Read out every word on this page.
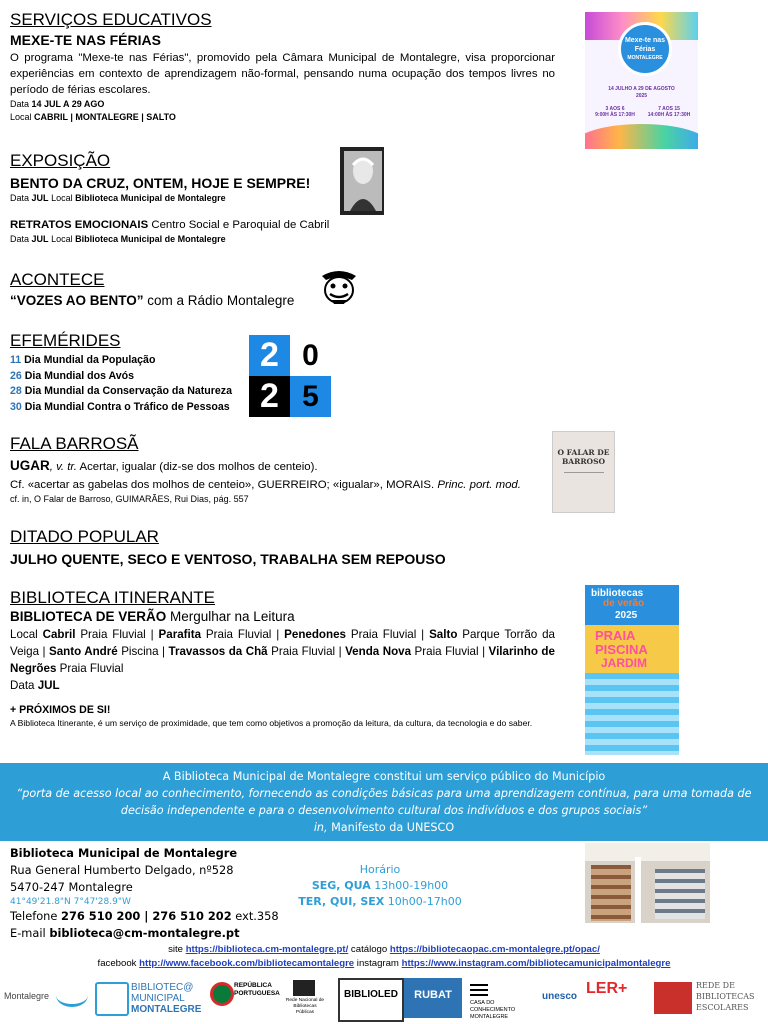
SERVIÇOS EDUCATIVOS
MEXE-TE NAS FÉRIAS
O programa "Mexe-te nas Férias", promovido pela Câmara Municipal de Montalegre, visa proporcionar experiências em contexto de aprendizagem não-formal, pensando numa ocupação dos tempos livres no período de férias escolares.
Data 14 JUL A 29 AGO
Local CABRIL | MONTALEGRE | SALTO
Mexe-te nas Férias
MONTALEGRE
14 JULHO A 29 DE AGOSTO
2025
3 AOS 6
9:00H ÀS 17:30H
7 AOS 15
14:00H ÀS 17:30H
EXPOSIÇÃO
BENTO DA CRUZ, ONTEM, HOJE E SEMPRE!
Data JUL Local Biblioteca Municipal de Montalegre
RETRATOS EMOCIONAIS Centro Social e Paroquial de Cabril
Data JUL Local Biblioteca Municipal de Montalegre
ACONTECE
“VOZES AO BENTO” com a Rádio Montalegre
EFEMÉRIDES
11 Dia Mundial da População
26 Dia Mundial dos Avós
28 Dia Mundial da Conservação da Natureza
30 Dia Mundial Contra o Tráfico de Pessoas
2 0
2 5
FALA BARROSÃ
UGAR, v. tr. Acertar, igualar (diz-se dos molhos de centeio).
Cf. «acertar as gabelas dos molhos de centeio», GUERREIRO; «igualar», MORAIS. Princ. port. mod.
cf. in, O Falar de Barroso, GUIMARÃES, Rui Dias, pág. 557
O FALAR DE BARROSO
DITADO POPULAR
JULHO QUENTE, SECO E VENTOSO, TRABALHA SEM REPOUSO
BIBLIOTECA ITINERANTE
BIBLIOTECA DE VERÃO Mergulhar na Leitura
Local Cabril Praia Fluvial | Parafita Praia Fluvial | Penedones Praia Fluvial | Salto Parque Torrão da Veiga | Santo André Piscina | Travassos da Chã Praia Fluvial | Venda Nova Praia Fluvial | Vilarinho de Negrões Praia Fluvial
Data JUL
+ PRÓXIMOS DE SI!
A Biblioteca Itinerante, é um serviço de proximidade, que tem como objetivos a promoção da leitura, da cultura, da tecnologia e do saber.
bibliotecas
de verão
2025
PRAIA
PISCINA
JARDIM
A Biblioteca Municipal de Montalegre constitui um serviço público do Município
“porta de acesso local ao conhecimento, fornecendo as condições básicas para uma aprendizagem contínua, para uma tomada de decisão independente e para o desenvolvimento cultural dos indivíduos e dos grupos sociais”
in, Manifesto da UNESCO
Biblioteca Municipal de Montalegre
Rua General Humberto Delgado, nº528
5470-247 Montalegre
41°49'21.8"N 7°47'28.9"W
Telefone 276 510 200 | 276 510 202 ext.358
E-mail biblioteca@cm-montalegre.pt
Horário
SEG, QUA 13h00-19h00
TER, QUI, SEX 10h00-17h00
site https://biblioteca.cm-montalegre.pt/ catálogo https://bibliotecaopac.cm-montalegre.pt/opac/
facebook http://www.facebook.com/bibliotecamontalegre instagram https://www.instagram.com/bibliotecamunicipalmontalegre
Montalegre
BIBLIOTEC@
MUNICIPAL
MONTALEGRE
REPÚBLICA PORTUGUESA
Rede Nacional de Bibliotecas Públicas
BIBLIOLED	RUBAT
CASA DO CONHECIMENTO MONTALEGRE
unesco LER+	REDE DE BIBLIOTECAS ESCOLARES
